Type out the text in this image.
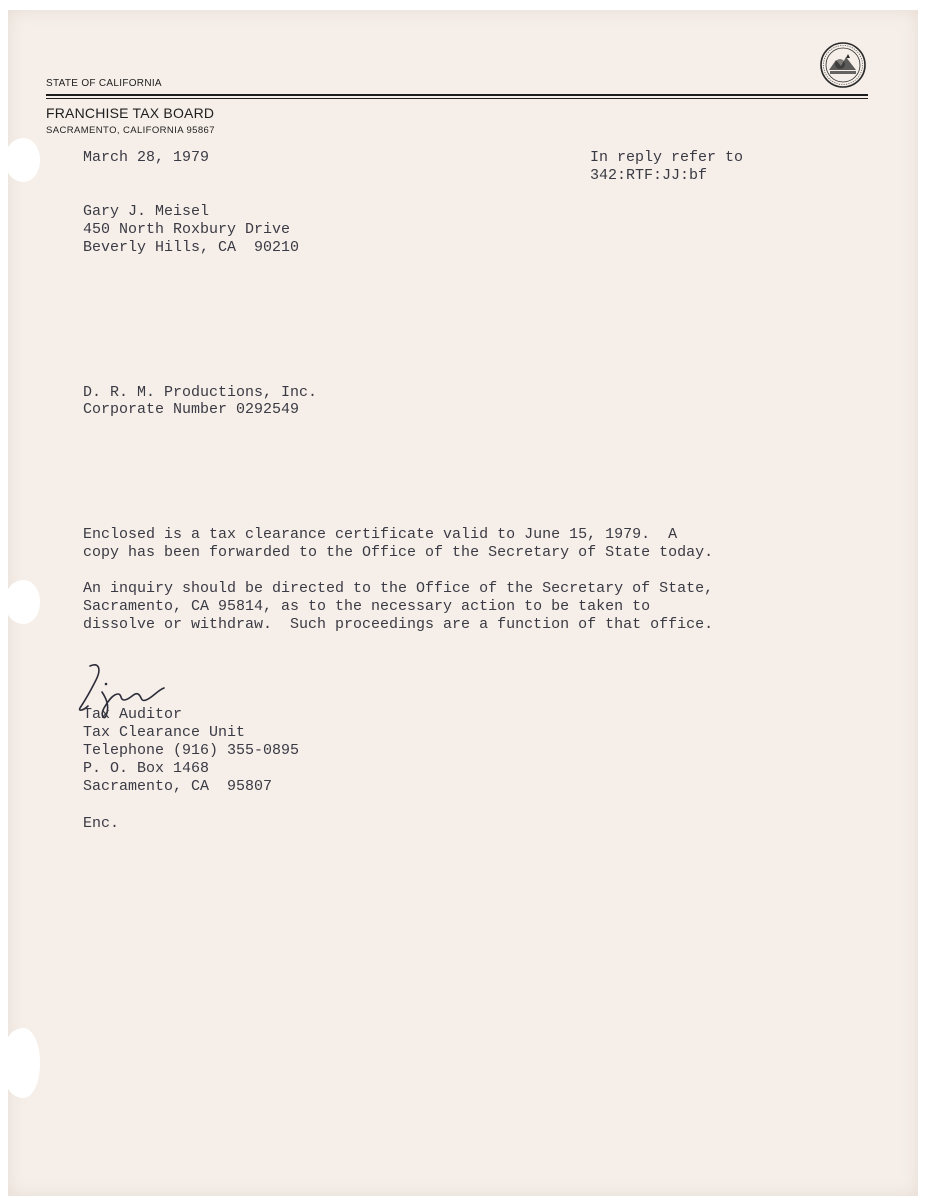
STATE OF CALIFORNIA
FRANCHISE TAX BOARD
SACRAMENTO, CALIFORNIA 95867
March 28, 1979	In reply refer to
342:RTF:JJ:bf
Gary J. Meisel
450 North Roxbury Drive
Beverly Hills, CA  90210
D. R. M. Productions, Inc.
Corporate Number 0292549
Enclosed is a tax clearance certificate valid to June 15, 1979.  A
copy has been forwarded to the Office of the Secretary of State today.
An inquiry should be directed to the Office of the Secretary of State,
Sacramento, CA 95814, as to the necessary action to be taken to
dissolve or withdraw.  Such proceedings are a function of that office.
Tax Auditor
Tax Clearance Unit
Telephone (916) 355-0895
P. O. Box 1468
Sacramento, CA  95807
Enc.
